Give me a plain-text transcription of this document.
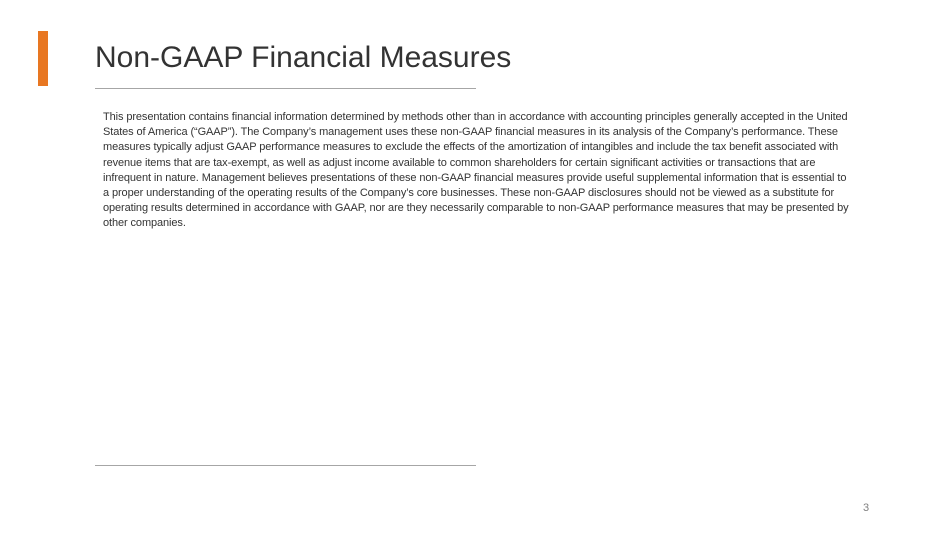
Non-GAAP Financial Measures

This presentation contains financial information determined by methods other than in accordance with accounting principles generally accepted in the United States of America (“GAAP”). The Company’s management uses these non-GAAP financial measures in its analysis of the Company’s performance. These measures typically adjust GAAP performance measures to exclude the effects of the amortization of intangibles and include the tax benefit associated with revenue items that are tax-exempt, as well as adjust income available to common shareholders for certain significant activities or transactions that are infrequent in nature. Management believes presentations of these non-GAAP financial measures provide useful supplemental information that is essential to a proper understanding of the operating results of the Company’s core businesses. These non-GAAP disclosures should not be viewed as a substitute for operating results determined in accordance with GAAP, nor are they necessarily comparable to non-GAAP performance measures that may be presented by other companies.

3
